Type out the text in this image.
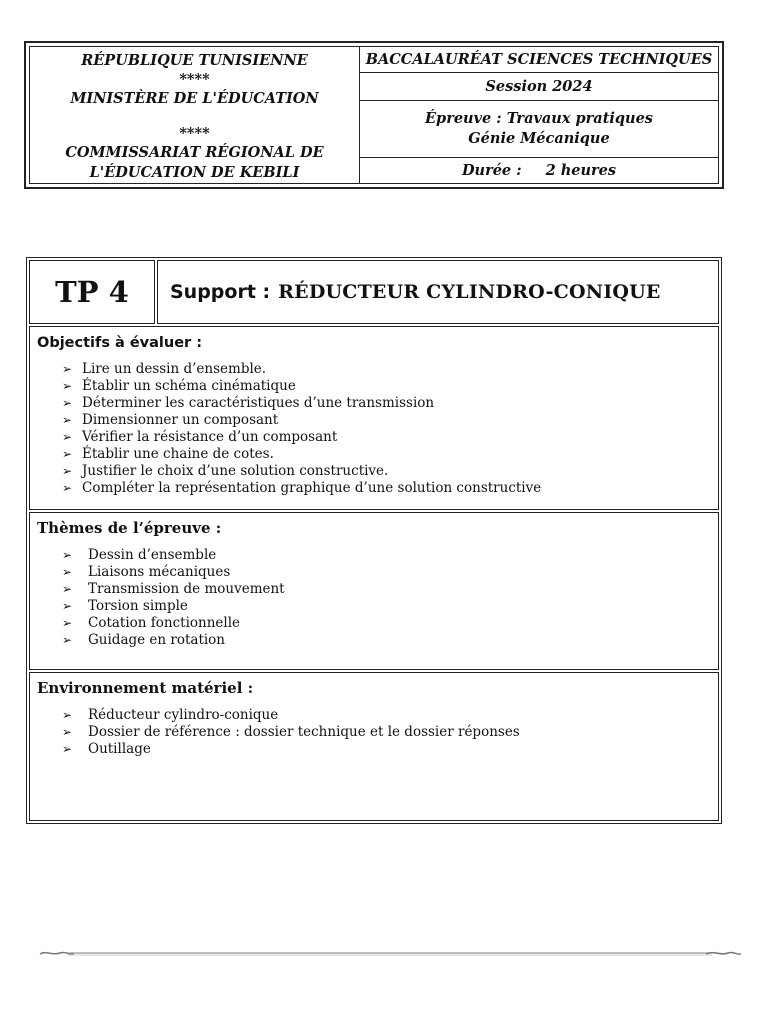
RÉPUBLIQUE TUNISIENNE
****
MINISTÈRE DE L'ÉDUCATION
****
COMMISSARIAT RÉGIONAL DE
L'ÉDUCATION DE KEBILI
BACCALAURÉAT SCIENCES TECHNIQUES
Session 2024
Épreuve : Travaux pratiques
Génie Mécanique
Durée : 2 heures
TP 4	Support : RÉDUCTEUR CYLINDRO-CONIQUE
Objectifs à évaluer :
➢ Lire un dessin d’ensemble.
➢ Établir un schéma cinématique
➢ Déterminer les caractéristiques d’une transmission
➢ Dimensionner un composant
➢ Vérifier la résistance d’un composant
➢ Établir une chaine de cotes.
➢ Justifier le choix d’une solution constructive.
➢ Compléter la représentation graphique d’une solution constructive
Thèmes de l’épreuve :
➢	Dessin d’ensemble
➢	Liaisons mécaniques
➢	Transmission de mouvement
➢	Torsion simple
➢	Cotation fonctionnelle
➢	Guidage en rotation
Environnement matériel :
➢	Réducteur cylindro-conique
➢	Dossier de référence : dossier technique et le dossier réponses
➢	Outillage
